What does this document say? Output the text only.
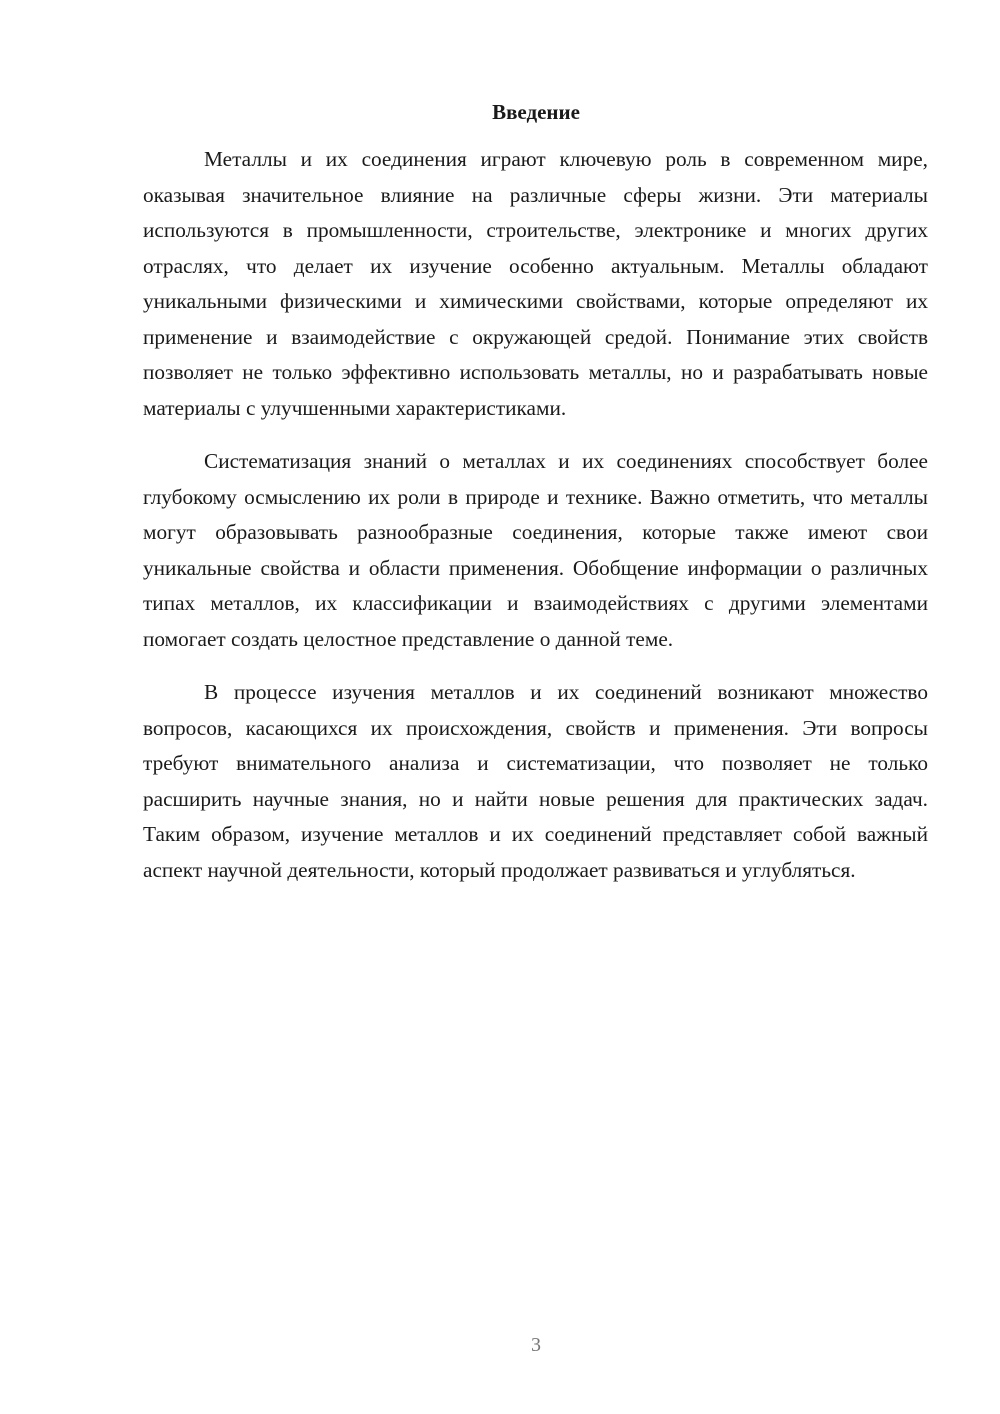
Введение

Металлы и их соединения играют ключевую роль в современном мире, оказывая значительное влияние на различные сферы жизни. Эти материалы используются в промышленности, строительстве, электронике и многих других отраслях, что делает их изучение особенно актуальным. Металлы обладают уникальными физическими и химическими свойствами, которые определяют их применение и взаимодействие с окружающей средой. Понимание этих свойств позволяет не только эффективно использовать металлы, но и разрабатывать новые материалы с улучшенными характеристиками.

Систематизация знаний о металлах и их соединениях способствует более глубокому осмыслению их роли в природе и технике. Важно отметить, что металлы могут образовывать разнообразные соединения, которые также имеют свои уникальные свойства и области применения. Обобщение информации о различных типах металлов, их классификации и взаимодействиях с другими элементами помогает создать целостное представление о данной теме.

В процессе изучения металлов и их соединений возникают множество вопросов, касающихся их происхождения, свойств и применения. Эти вопросы требуют внимательного анализа и систематизации, что позволяет не только расширить научные знания, но и найти новые решения для практических задач. Таким образом, изучение металлов и их соединений представляет собой важный аспект научной деятельности, который продолжает развиваться и углубляться.

3
